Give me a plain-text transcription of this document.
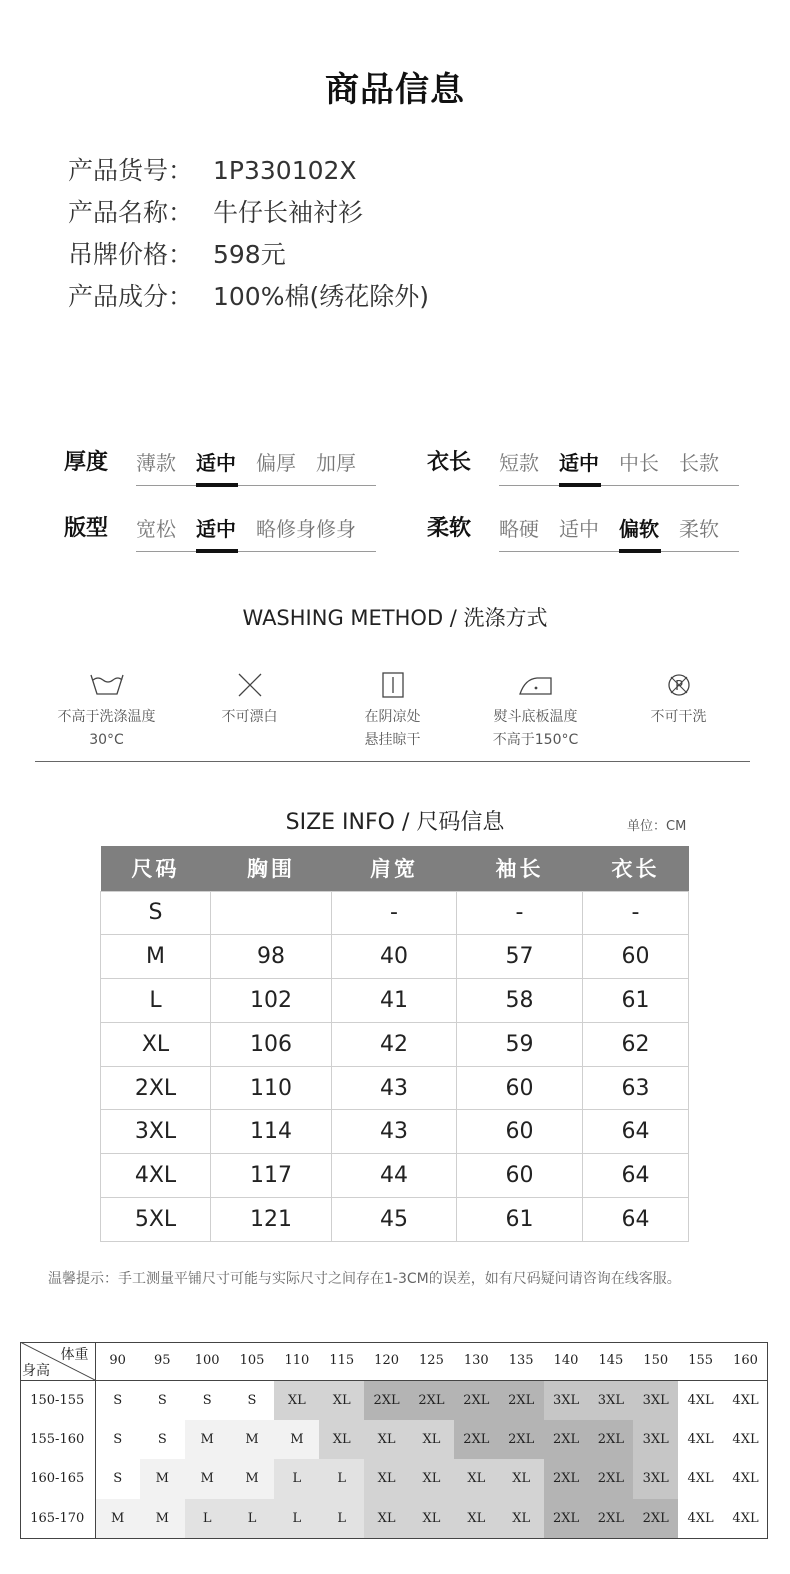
商品信息
产品货号： 1P330102X
产品名称： 牛仔长袖衬衫
吊牌价格： 598元
产品成分： 100%棉(绣花除外)
厚度	薄款	适中	偏厚	加厚	衣长	短款	适中	中长	长款
版型	宽松	适中	略修身 修身	柔软	略硬	适中	偏软	柔软
WASHING METHOD / 洗涤方式
不高于洗涤温度
30°C
不可漂白	在阴凉处
悬挂晾干
熨斗底板温度
不高于150°C
P
不可干洗
SIZE INFO / 尺码信息	单位：CM
尺码	胸围	肩宽	袖长	衣长
S		-	-	-
M	98	40	57	60
L	102	41	58	61
XL	106	42	59	62
2XL	110	43	60	63
3XL	114	43	60	64
4XL	117	44	60	64
5XL	121	45	61	64
温馨提示：手工测量平铺尺寸可能与实际尺寸之间存在1-3CM的误差，如有尺码疑问请咨询在线客服。
体重
身高	90	95	100	105	110	115	120	125	130	135	140	145	150	155	160
150-155	S	S	S	S	XL	XL	2XL	2XL	2XL	2XL	3XL	3XL	3XL	4XL	4XL
155-160	S	S	M	M	M	XL	XL	XL	2XL	2XL	2XL	2XL	3XL	4XL	4XL
160-165	S	M	M	M	L	L	XL	XL	XL	XL	2XL	2XL	3XL	4XL	4XL
165-170	M	M	L	L	L	L	XL	XL	XL	XL	2XL	2XL	2XL	4XL	4XL
